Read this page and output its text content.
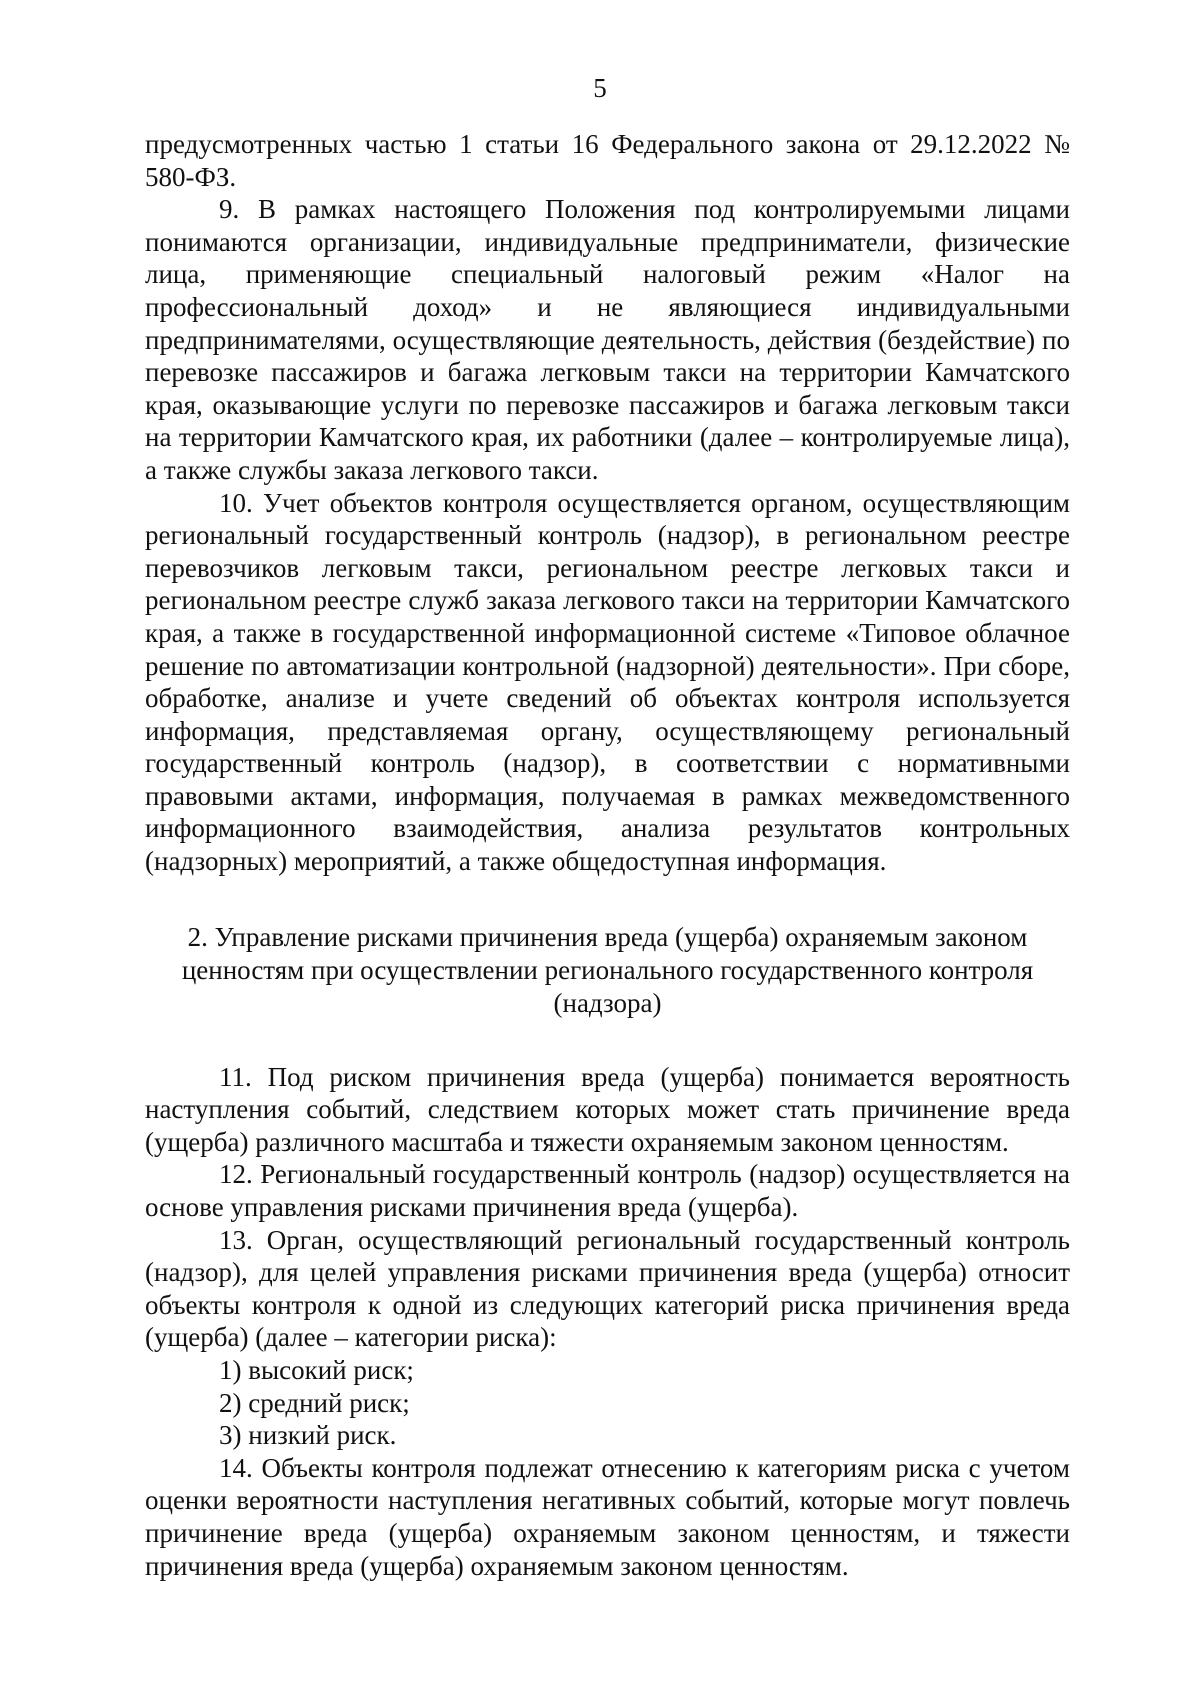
5

предусмотренных частью 1 статьи 16 Федерального закона от 29.12.2022 № 580-ФЗ.

9. В рамках настоящего Положения под контролируемыми лицами понимаются организации, индивидуальные предприниматели, физические лица, применяющие специальный налоговый режим «Налог на профессиональный доход» и не являющиеся индивидуальными предпринимателями, осуществляющие деятельность, действия (бездействие) по перевозке пассажиров и багажа легковым такси на территории Камчатского края, оказывающие услуги по перевозке пассажиров и багажа легковым такси на территории Камчатского края, их работники (далее – контролируемые лица), а также службы заказа легкового такси.

10. Учет объектов контроля осуществляется органом, осуществляющим региональный государственный контроль (надзор), в региональном реестре перевозчиков легковым такси, региональном реестре легковых такси и региональном реестре служб заказа легкового такси на территории Камчатского края, а также в государственной информационной системе «Типовое облачное решение по автоматизации контрольной (надзорной) деятельности». При сборе, обработке, анализе и учете сведений об объектах контроля используется информация, представляемая органу, осуществляющему региональный государственный контроль (надзор), в соответствии с нормативными правовыми актами, информация, получаемая в рамках межведомственного информационного взаимодействия, анализа результатов контрольных (надзорных) мероприятий, а также общедоступная информация.

2. Управление рисками причинения вреда (ущерба) охраняемым законом ценностям при осуществлении регионального государственного контроля (надзора)

11. Под риском причинения вреда (ущерба) понимается вероятность наступления событий, следствием которых может стать причинение вреда (ущерба) различного масштаба и тяжести охраняемым законом ценностям.

12. Региональный государственный контроль (надзор) осуществляется на основе управления рисками причинения вреда (ущерба).

13. Орган, осуществляющий региональный государственный контроль (надзор), для целей управления рисками причинения вреда (ущерба) относит объекты контроля к одной из следующих категорий риска причинения вреда (ущерба) (далее – категории риска):

1) высокий риск;

2) средний риск;

3) низкий риск.

14. Объекты контроля подлежат отнесению к категориям риска с учетом оценки вероятности наступления негативных событий, которые могут повлечь причинение вреда (ущерба) охраняемым законом ценностям, и тяжести причинения вреда (ущерба) охраняемым законом ценностям.
